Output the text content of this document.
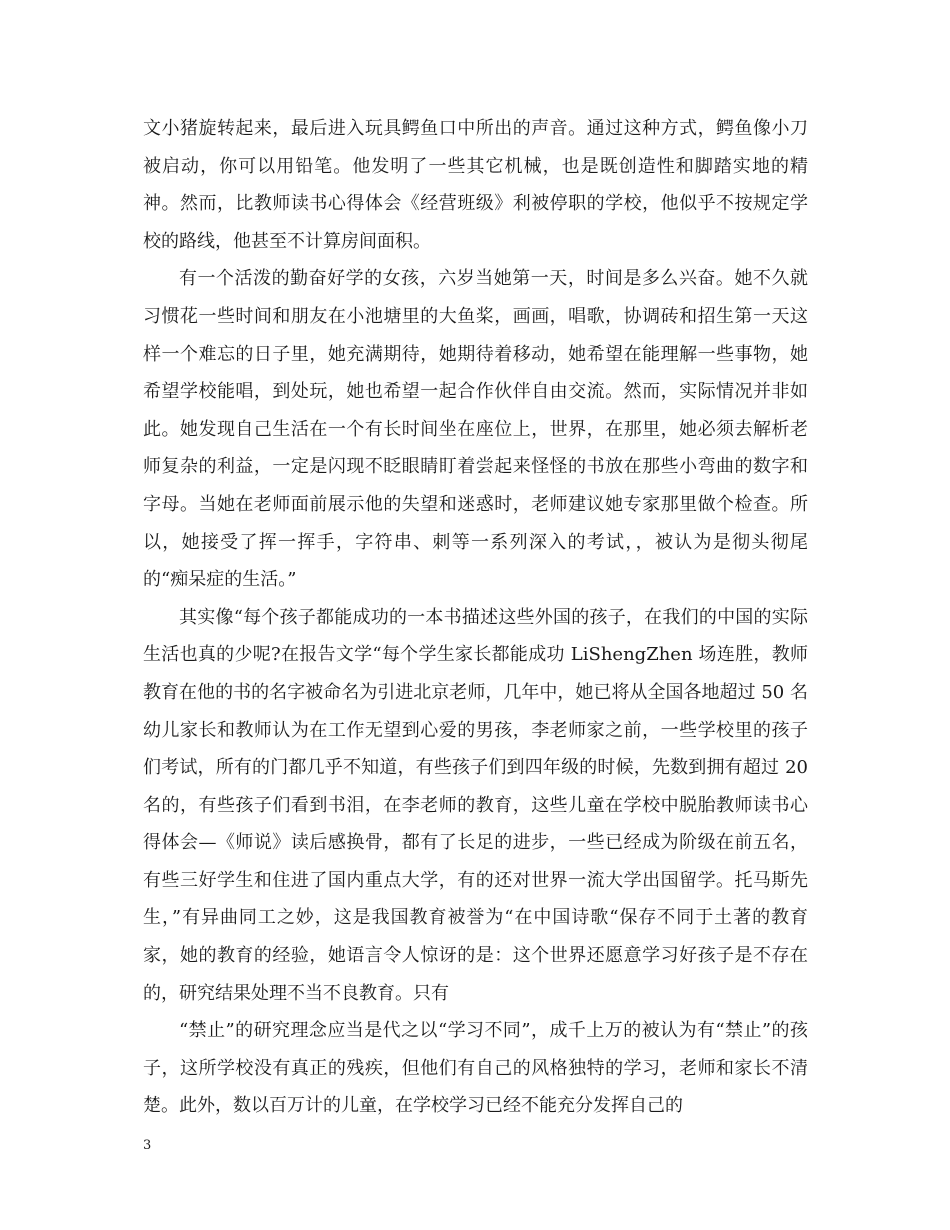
文小猪旋转起来，最后进入玩具鳄鱼口中所出的声音。通过这种方式，鳄鱼像小刀被启动，你可以用铅笔。他发明了一些其它机械，也是既创造性和脚踏实地的精神。然而，比教师读书心得体会《经营班级》利被停职的学校，他似乎不按规定学校的路线，他甚至不计算房间面积。

有一个活泼的勤奋好学的女孩，六岁当她第一天，时间是多么兴奋。她不久就习惯花一些时间和朋友在小池塘里的大鱼桨，画画，唱歌，协调砖和招生第一天这样一个难忘的日子里，她充满期待，她期待着移动，她希望在能理解一些事物，她希望学校能唱，到处玩，她也希望一起合作伙伴自由交流。然而，实际情况并非如此。她发现自己生活在一个有长时间坐在座位上，世界，在那里，她必须去解析老师复杂的利益，一定是闪现不眨眼睛盯着尝起来怪怪的书放在那些小弯曲的数字和字母。当她在老师面前展示他的失望和迷惑时，老师建议她专家那里做个检查。所以，她接受了挥一挥手，字符串、刺等一系列深入的考试，，被认为是彻头彻尾的“痴呆症的生活。”

其实像“每个孩子都能成功的一本书描述这些外国的孩子，在我们的中国的实际生活也真的少呢?在报告文学“每个学生家长都能成功 LiShengZhen 场连胜，教师教育在他的书的名字被命名为引进北京老师，几年中，她已将从全国各地超过 50 名幼儿家长和教师认为在工作无望到心爱的男孩，李老师家之前，一些学校里的孩子们考试，所有的门都几乎不知道，有些孩子们到四年级的时候，先数到拥有超过 20 名的，有些孩子们看到书泪，在李老师的教育，这些儿童在学校中脱胎教师读书心得体会—《师说》读后感换骨，都有了长足的进步，一些已经成为阶级在前五名，有些三好学生和住进了国内重点大学，有的还对世界一流大学出国留学。托马斯先生，”有异曲同工之妙，这是我国教育被誉为“在中国诗歌“保存不同于土著的教育家，她的教育的经验，她语言令人惊讶的是：这个世界还愿意学习好孩子是不存在的，研究结果处理不当不良教育。只有

“禁止”的研究理念应当是代之以“学习不同”，成千上万的被认为有“禁止”的孩子，这所学校没有真正的残疾，但他们有自己的风格独特的学习，老师和家长不清楚。此外，数以百万计的儿童，在学校学习已经不能充分发挥自己的

3
